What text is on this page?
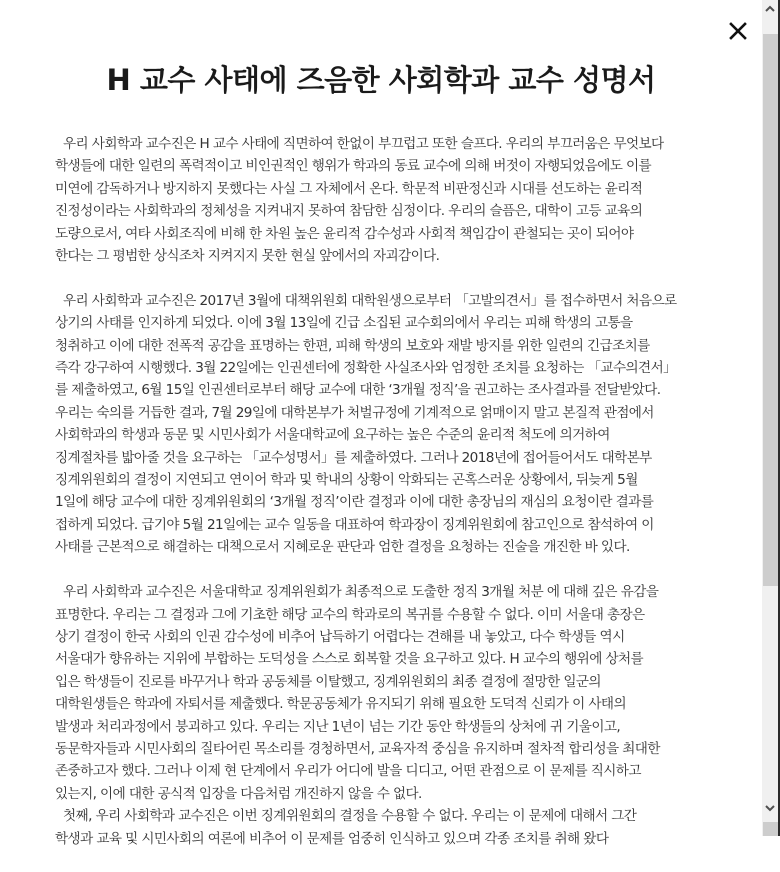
H 교수 사태에 즈음한 사회학과 교수 성명서

우리 사회학과 교수진은 H 교수 사태에 직면하여 한없이 부끄럽고 또한 슬프다. 우리의 부끄러움은 무엇보다
학생들에 대한 일련의 폭력적이고 비인권적인 행위가 학과의 동료 교수에 의해 버젓이 자행되었음에도 이를
미연에 감독하거나 방지하지 못했다는 사실 그 자체에서 온다. 학문적 비판정신과 시대를 선도하는 윤리적
진정성이라는 사회학과의 정체성을 지켜내지 못하여 참담한 심정이다. 우리의 슬픔은, 대학이 고등 교육의
도량으로서, 여타 사회조직에 비해 한 차원 높은 윤리적 감수성과 사회적 책임감이 관철되는 곳이 되어야
한다는 그 평범한 상식조차 지켜지지 못한 현실 앞에서의 자괴감이다.

우리 사회학과 교수진은 2017년 3월에 대책위원회 대학원생으로부터 「고발의견서」를 접수하면서 처음으로
상기의 사태를 인지하게 되었다. 이에 3월 13일에 긴급 소집된 교수회의에서 우리는 피해 학생의 고통을
청취하고 이에 대한 전폭적 공감을 표명하는 한편, 피해 학생의 보호와 재발 방지를 위한 일련의 긴급조치를
즉각 강구하여 시행했다. 3월 22일에는 인권센터에 정확한 사실조사와 엄정한 조치를 요청하는 「교수의견서」
를 제출하였고, 6월 15일 인권센터로부터 해당 교수에 대한 ‘3개월 정직’을 권고하는 조사결과를 전달받았다.
우리는 숙의를 거듭한 결과, 7월 29일에 대학본부가 처벌규정에 기계적으로 얽매이지 말고 본질적 관점에서
사회학과의 학생과 동문 및 시민사회가 서울대학교에 요구하는 높은 수준의 윤리적 척도에 의거하여
징계절차를 밟아줄 것을 요구하는 「교수성명서」를 제출하였다. 그러나 2018년에 접어들어서도 대학본부
징계위원회의 결정이 지연되고 연이어 학과 및 학내의 상황이 악화되는 곤혹스러운 상황에서, 뒤늦게 5월
1일에 해당 교수에 대한 징계위원회의 ‘3개월 정직’이란 결정과 이에 대한 총장님의 재심의 요청이란 결과를
접하게 되었다. 급기야 5월 21일에는 교수 일동을 대표하여 학과장이 징계위원회에 참고인으로 참석하여 이
사태를 근본적으로 해결하는 대책으로서 지혜로운 판단과 엄한 결정을 요청하는 진술을 개진한 바 있다.

우리 사회학과 교수진은 서울대학교 징계위원회가 최종적으로 도출한 정직 3개월 처분 에 대해 깊은 유감을
표명한다. 우리는 그 결정과 그에 기초한 해당 교수의 학과로의 복귀를 수용할 수 없다. 이미 서울대 총장은
상기 결정이 한국 사회의 인권 감수성에 비추어 납득하기 어렵다는 견해를 내 놓았고, 다수 학생들 역시
서울대가 향유하는 지위에 부합하는 도덕성을 스스로 회복할 것을 요구하고 있다. H 교수의 행위에 상처를
입은 학생들이 진로를 바꾸거나 학과 공동체를 이탈했고, 징계위원회의 최종 결정에 절망한 일군의
대학원생들은 학과에 자퇴서를 제출했다. 학문공동체가 유지되기 위해 필요한 도덕적 신뢰가 이 사태의
발생과 처리과정에서 붕괴하고 있다. 우리는 지난 1년이 넘는 기간 동안 학생들의 상처에 귀 기울이고,
동문학자들과 시민사회의 질타어린 목소리를 경청하면서, 교육자적 중심을 유지하며 절차적 합리성을 최대한
존중하고자 했다. 그러나 이제 현 단계에서 우리가 어디에 발을 디디고, 어떤 관점으로 이 문제를 직시하고
있는지, 이에 대한 공식적 입장을 다음처럼 개진하지 않을 수 없다.

첫째, 우리 사회학과 교수진은 이번 징계위원회의 결정을 수용할 수 없다. 우리는 이 문제에 대해서 그간
학생과 교육 및 시민사회의 여론에 비추어 이 문제를 엄중히 인식하고 있으며 각종 조치를 취해 왔다
